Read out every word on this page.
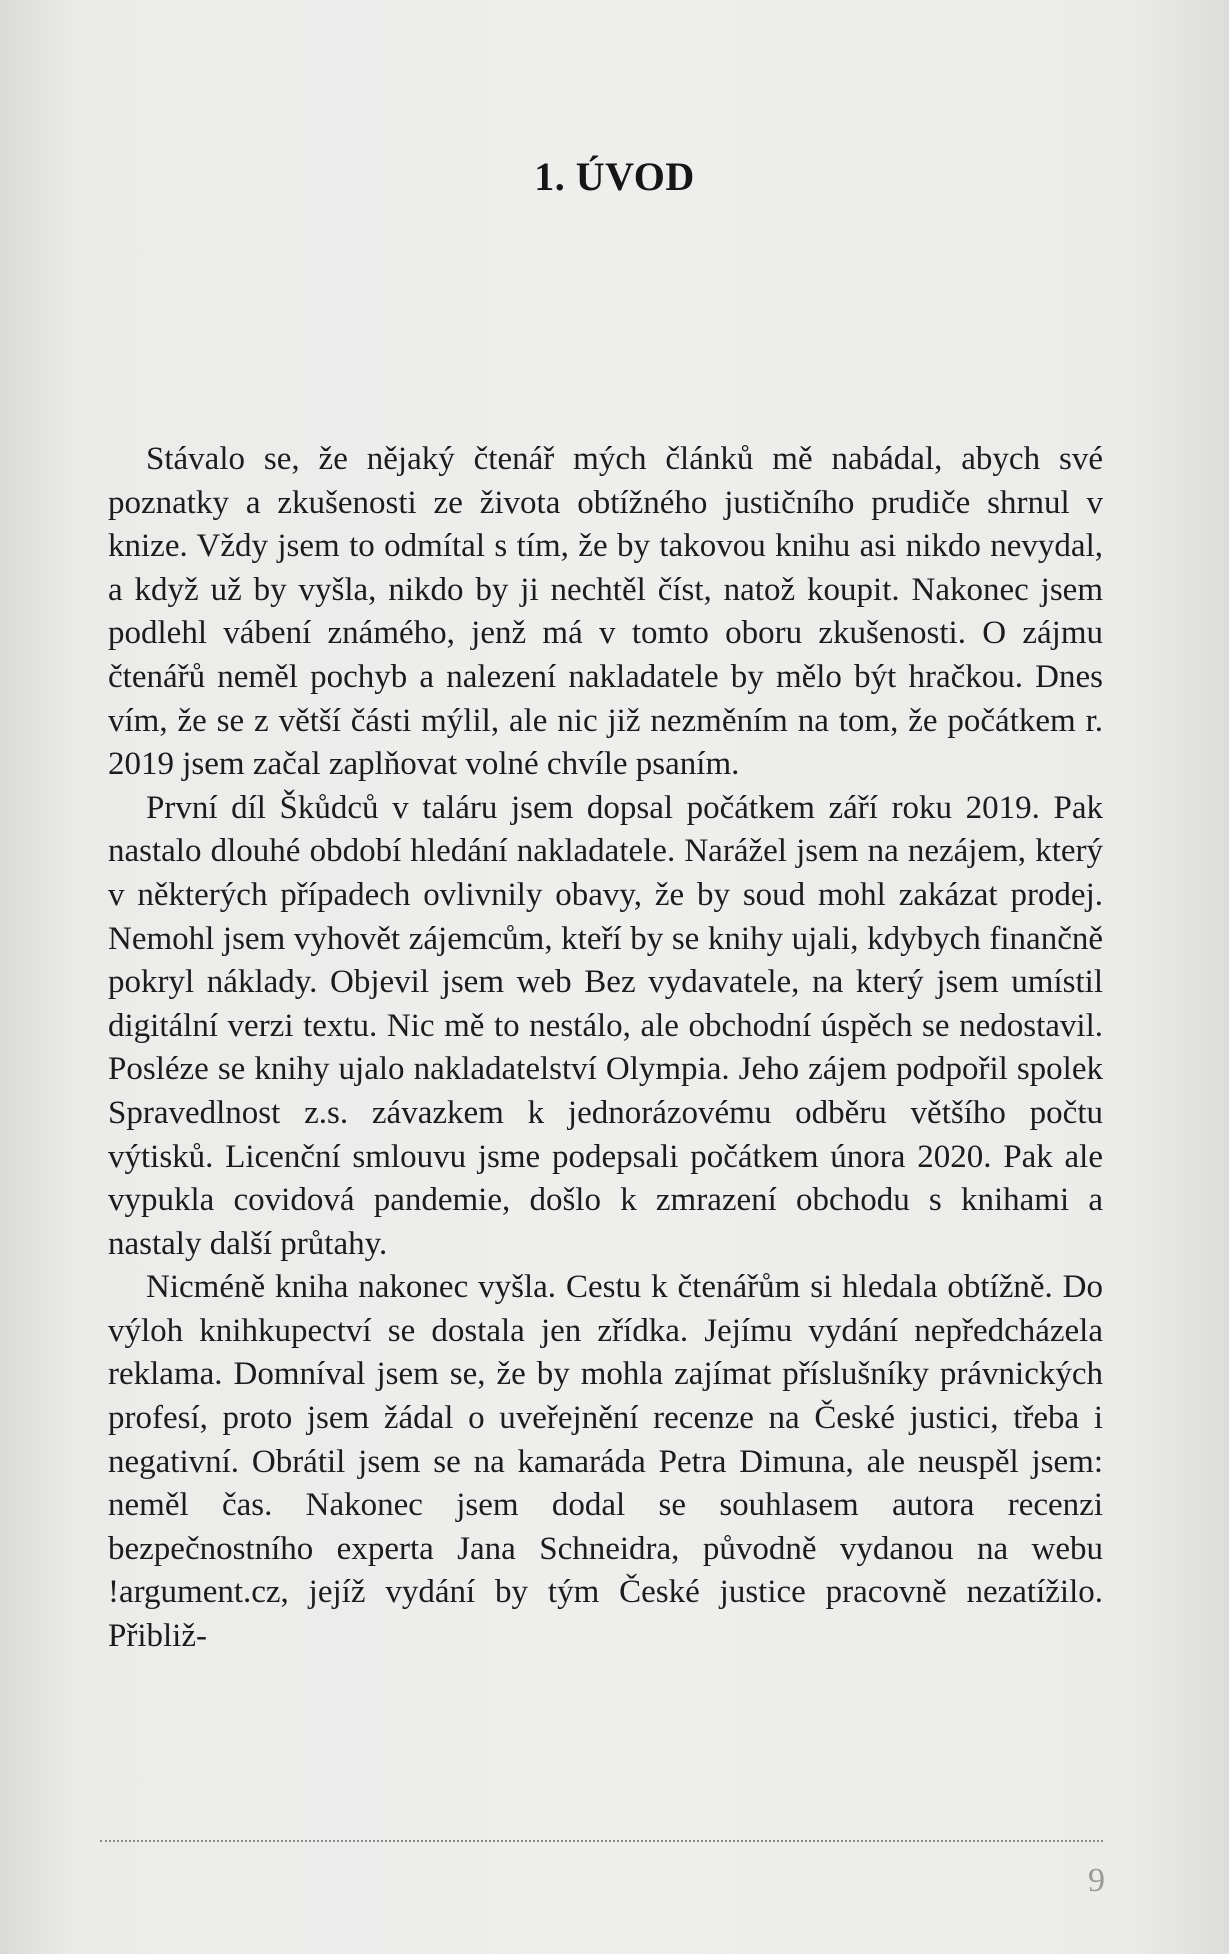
1. ÚVOD

Stávalo se, že nějaký čtenář mých článků mě nabádal, abych své poznatky a zkušenosti ze života obtížného justičního prudiče shrnul v knize. Vždy jsem to odmítal s tím, že by takovou knihu asi nikdo nevydal, a když už by vyšla, nikdo by ji nechtěl číst, natož koupit. Nakonec jsem podlehl vábení známého, jenž má v tomto oboru zkušenosti. O zájmu čtenářů neměl pochyb a nalezení nakladatele by mělo být hračkou. Dnes vím, že se z větší části mýlil, ale nic již nezměním na tom, že počátkem r. 2019 jsem začal zaplňovat volné chvíle psaním.

První díl Škůdců v taláru jsem dopsal počátkem září roku 2019. Pak nastalo dlouhé období hledání nakladatele. Narážel jsem na nezájem, který v některých případech ovlivnily obavy, že by soud mohl zakázat prodej. Nemohl jsem vyhovět zájemcům, kteří by se knihy ujali, kdybych finančně pokryl náklady. Objevil jsem web Bez vydavatele, na který jsem umístil digitální verzi textu. Nic mě to nestálo, ale obchodní úspěch se nedostavil. Posléze se knihy ujalo nakladatelství Olympia. Jeho zájem podpořil spolek Spravedlnost z.s. závazkem k jednorázovému odběru většího počtu výtisků. Licenční smlouvu jsme podepsali počátkem února 2020. Pak ale vypukla covidová pandemie, došlo k zmrazení obchodu s knihami a nastaly další průtahy.

Nicméně kniha nakonec vyšla. Cestu k čtenářům si hledala obtížně. Do výloh knihkupectví se dostala jen zřídka. Jejímu vydání nepředcházela reklama. Domníval jsem se, že by mohla zajímat příslušníky právnických profesí, proto jsem žádal o uveřejnění recenze na České justici, třeba i negativní. Obrátil jsem se na kamaráda Petra Dimuna, ale neuspěl jsem: neměl čas. Nakonec jsem dodal se souhlasem autora recenzi bezpečnostního experta Jana Schneidra, původně vydanou na webu !argument.cz, jejíž vydání by tým České justice pracovně nezatížilo. Přibliž-

9
